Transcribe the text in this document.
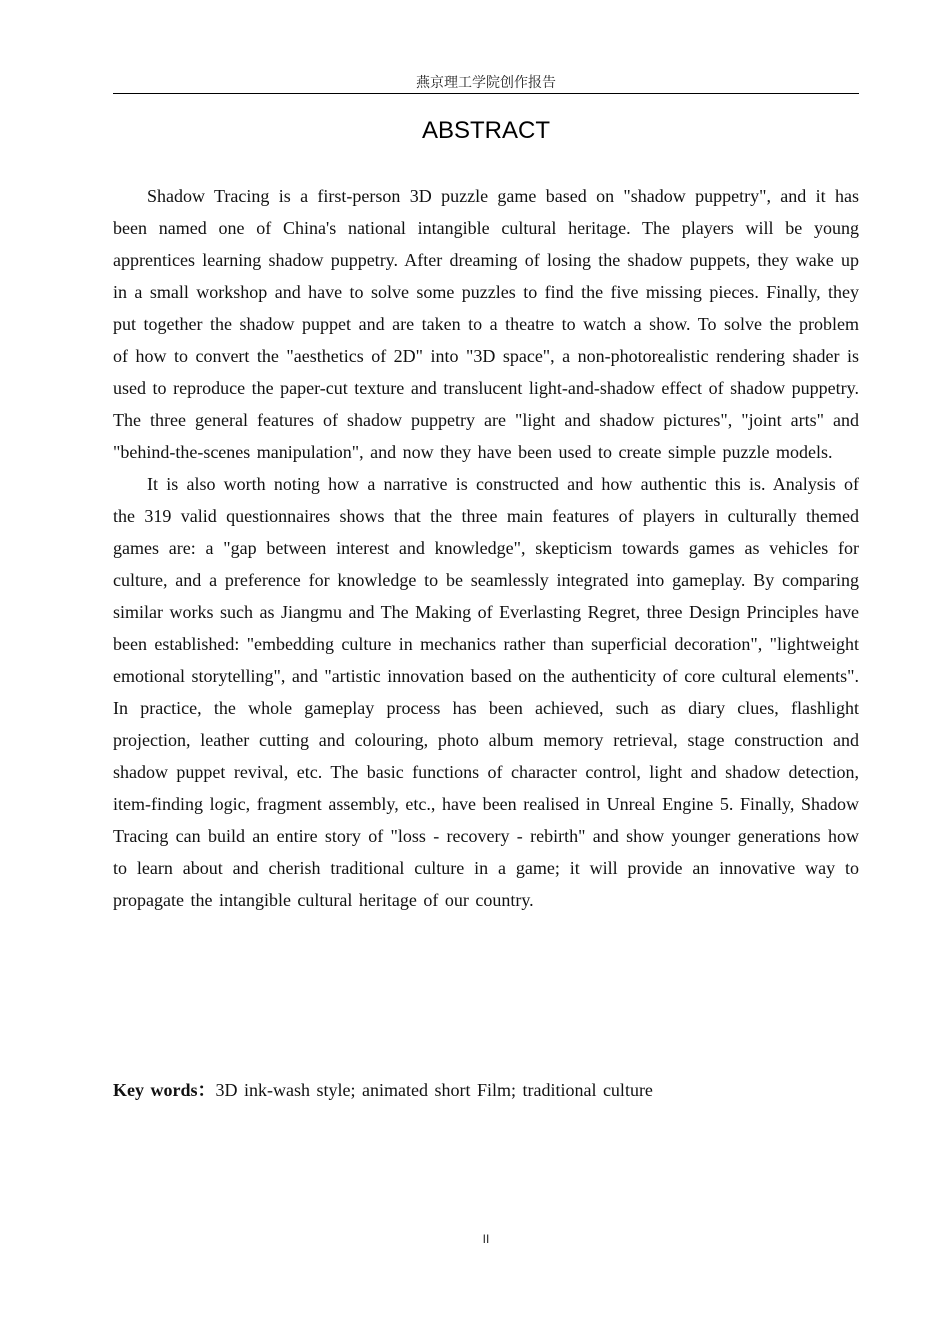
燕京理工学院创作报告
ABSTRACT

Shadow Tracing is a first-person 3D puzzle game based on "shadow puppetry", and it has been named one of China's national intangible cultural heritage. The players will be young apprentices learning shadow puppetry. After dreaming of losing the shadow puppets, they wake up in a small workshop and have to solve some puzzles to find the five missing pieces. Finally, they put together the shadow puppet and are taken to a theatre to watch a show. To solve the problem of how to convert the "aesthetics of 2D" into "3D space", a non-photorealistic rendering shader is used to reproduce the paper-cut texture and translucent light-and-shadow effect of shadow puppetry. The three general features of shadow puppetry are "light and shadow pictures", "joint arts" and "behind-the-scenes manipulation", and now they have been used to create simple puzzle models.

It is also worth noting how a narrative is constructed and how authentic this is. Analysis of the 319 valid questionnaires shows that the three main features of players in culturally themed games are: a "gap between interest and knowledge", skepticism towards games as vehicles for culture, and a preference for knowledge to be seamlessly integrated into gameplay. By comparing similar works such as Jiangmu and The Making of Everlasting Regret, three Design Principles have been established: "embedding culture in mechanics rather than superficial decoration", "lightweight emotional storytelling", and "artistic innovation based on the authenticity of core cultural elements". In practice, the whole gameplay process has been achieved, such as diary clues, flashlight projection, leather cutting and colouring, photo album memory retrieval, stage construction and shadow puppet revival, etc. The basic functions of character control, light and shadow detection, item-finding logic, fragment assembly, etc., have been realised in Unreal Engine 5. Finally, Shadow Tracing can build an entire story of "loss - recovery - rebirth" and show younger generations how to learn about and cherish traditional culture in a game; it will provide an innovative way to propagate the intangible cultural heritage of our country.

Key words：3D ink-wash style; animated short Film; traditional culture
II
